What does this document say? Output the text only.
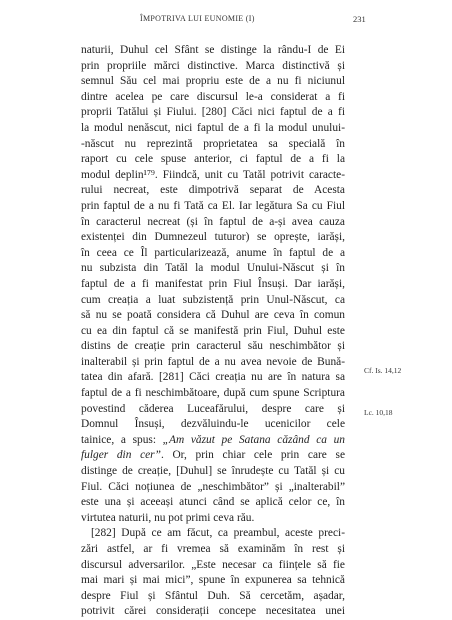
ÎMPOTRIVA LUI EUNOMIE (I)	231
naturii, Duhul cel Sfânt se distinge la rându-I de Ei
prin propriile mărci distinctive. Marca distinctivă și
semnul Său cel mai propriu este de a nu fi niciunul
dintre acelea pe care discursul le-a considerat a fi
proprii Tatălui și Fiului. [280] Căci nici faptul de a fi
la modul nenăscut, nici faptul de a fi la modul unului-
-născut nu reprezintă proprietatea sa specială în
raport cu cele spuse anterior, ci faptul de a fi la
modul deplin¹⁷⁹. Fiindcă, unit cu Tatăl potrivit caracte-
rului necreat, este dimpotrivă separat de Acesta
prin faptul de a nu fi Tată ca El. Iar legătura Sa cu Fiul
în caracterul necreat (și în faptul de a-și avea cauza
existenței din Dumnezeul tuturor) se oprește, iarăși,
în ceea ce Îl particularizează, anume în faptul de a
nu subzista din Tatăl la modul Unului-Născut și în
faptul de a fi manifestat prin Fiul Însuși. Dar iarăși,
cum creația a luat subzistență prin Unul-Născut, ca
să nu se poată considera că Duhul are ceva în comun
cu ea din faptul că se manifestă prin Fiul, Duhul este
distins de creație prin caracterul său neschimbător și
inalterabil și prin faptul de a nu avea nevoie de Bună-
tatea din afară. [281] Căci creația nu are în natura sa
faptul de a fi neschimbătoare, după cum spune Scriptura
povestind căderea Luceafărului, despre care și
Domnul Însuși, dezvăluindu-le ucenicilor cele
tainice, a spus: „Am văzut pe Satana căzând ca un
fulger din cer”. Or, prin chiar cele prin care se
distinge de creație, [Duhul] se înrudește cu Tatăl și cu
Fiul. Căci noțiunea de „neschimbător” și „inalterabil”
este una și aceeași atunci când se aplică celor ce, în
virtutea naturii, nu pot primi ceva rău.
[282] După ce am făcut, ca preambul, aceste preci-
zări astfel, ar fi vremea să examinăm în rest și
discursul adversarilor. „Este necesar ca ființele să fie
mai mari și mai mici”, spune în expunerea sa tehnică
despre Fiul și Sfântul Duh. Să cercetăm, așadar,
potrivit cărei considerații concepe necesitatea unei
Cf. Is. 14,12
Lc. 10,18
